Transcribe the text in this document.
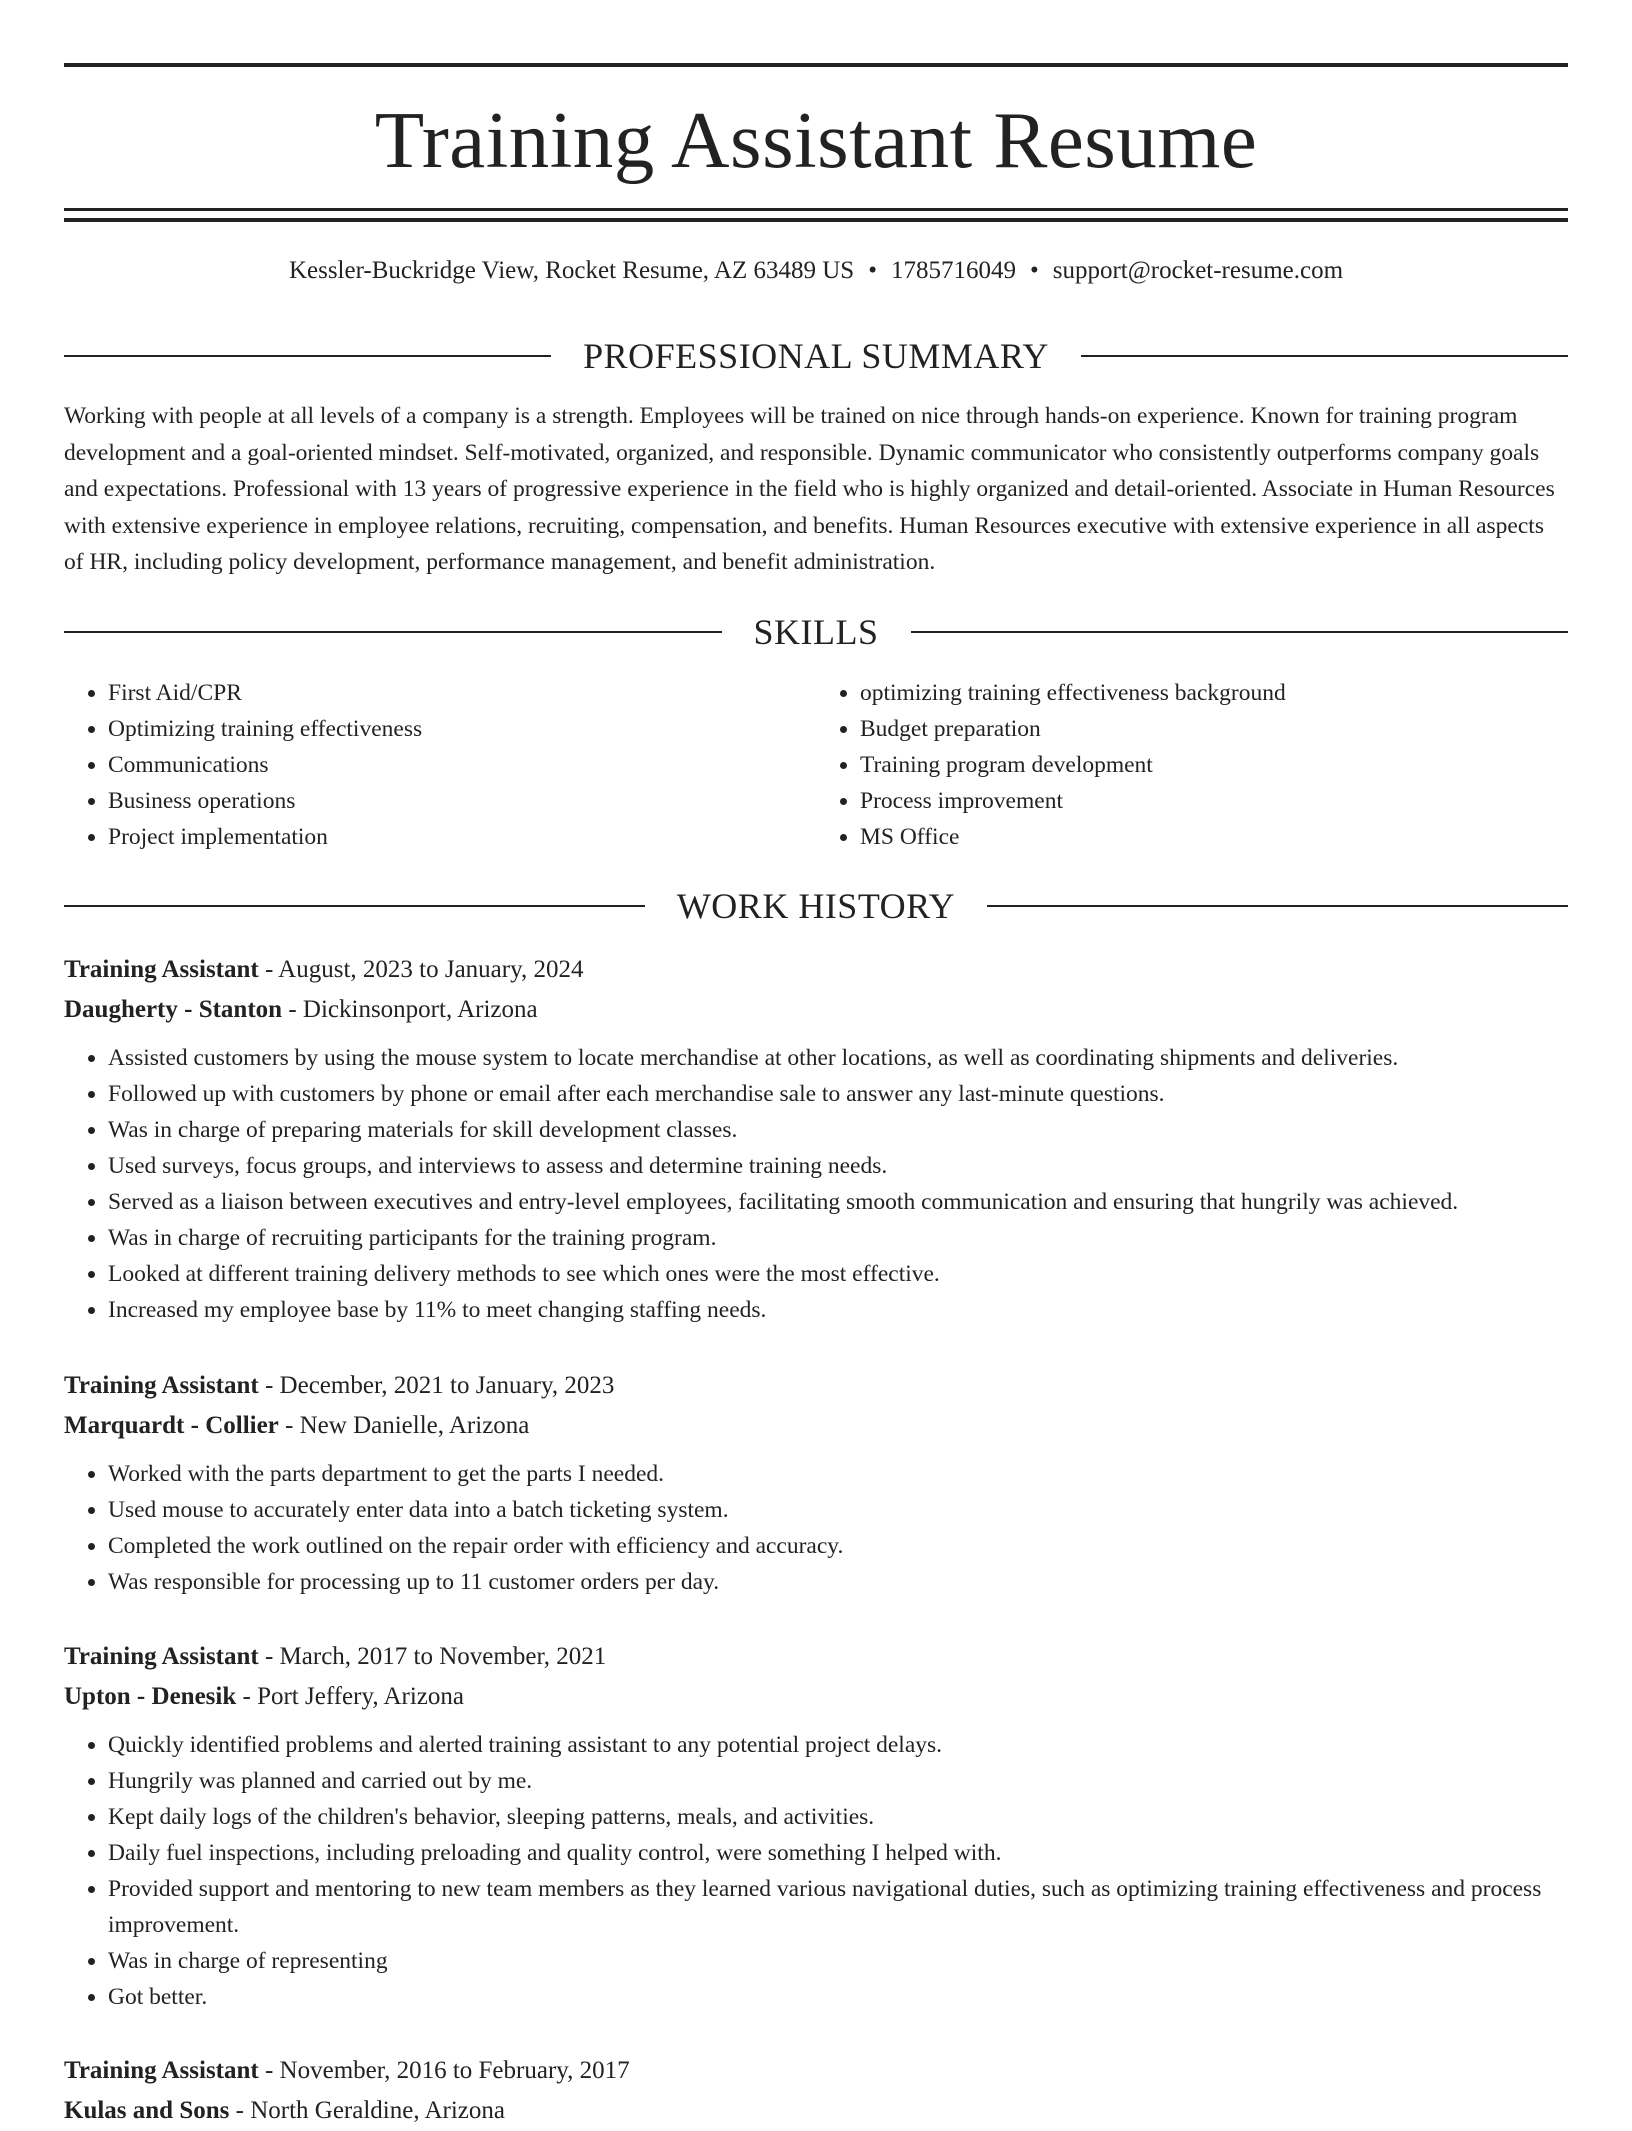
Training Assistant Resume
Kessler-Buckridge View, Rocket Resume, AZ 63489 US • 1785716049 • support@rocket-resume.com
PROFESSIONAL SUMMARY

Working with people at all levels of a company is a strength. Employees will be trained on nice through hands-on experience. Known for training program development and a goal-oriented mindset. Self-motivated, organized, and responsible. Dynamic communicator who consistently outperforms company goals and expectations. Professional with 13 years of progressive experience in the field who is highly organized and detail-oriented. Associate in Human Resources with extensive experience in employee relations, recruiting, compensation, and benefits. Human Resources executive with extensive experience in all aspects of HR, including policy development, performance management, and benefit administration.

SKILLS
• First Aid/CPR
• Optimizing training effectiveness
• Communications
• Business operations
• Project implementation
• optimizing training effectiveness background
• Budget preparation
• Training program development
• Process improvement
• MS Office
WORK HISTORY
Training Assistant - August, 2023 to January, 2024
Daugherty - Stanton - Dickinsonport, Arizona
• Assisted customers by using the mouse system to locate merchandise at other locations, as well as coordinating shipments and deliveries.
• Followed up with customers by phone or email after each merchandise sale to answer any last-minute questions.
• Was in charge of preparing materials for skill development classes.
• Used surveys, focus groups, and interviews to assess and determine training needs.
• Served as a liaison between executives and entry-level employees, facilitating smooth communication and ensuring that hungrily was achieved.
• Was in charge of recruiting participants for the training program.
• Looked at different training delivery methods to see which ones were the most effective.
• Increased my employee base by 11% to meet changing staffing needs.
Training Assistant - December, 2021 to January, 2023
Marquardt - Collier - New Danielle, Arizona
• Worked with the parts department to get the parts I needed.
• Used mouse to accurately enter data into a batch ticketing system.
• Completed the work outlined on the repair order with efficiency and accuracy.
• Was responsible for processing up to 11 customer orders per day.
Training Assistant - March, 2017 to November, 2021
Upton - Denesik - Port Jeffery, Arizona
• Quickly identified problems and alerted training assistant to any potential project delays.
• Hungrily was planned and carried out by me.
• Kept daily logs of the children's behavior, sleeping patterns, meals, and activities.
• Daily fuel inspections, including preloading and quality control, were something I helped with.
• Provided support and mentoring to new team members as they learned various navigational duties, such as optimizing training effectiveness and process improvement.
• Was in charge of representing
• Got better.
Training Assistant - November, 2016 to February, 2017
Kulas and Sons - North Geraldine, Arizona
